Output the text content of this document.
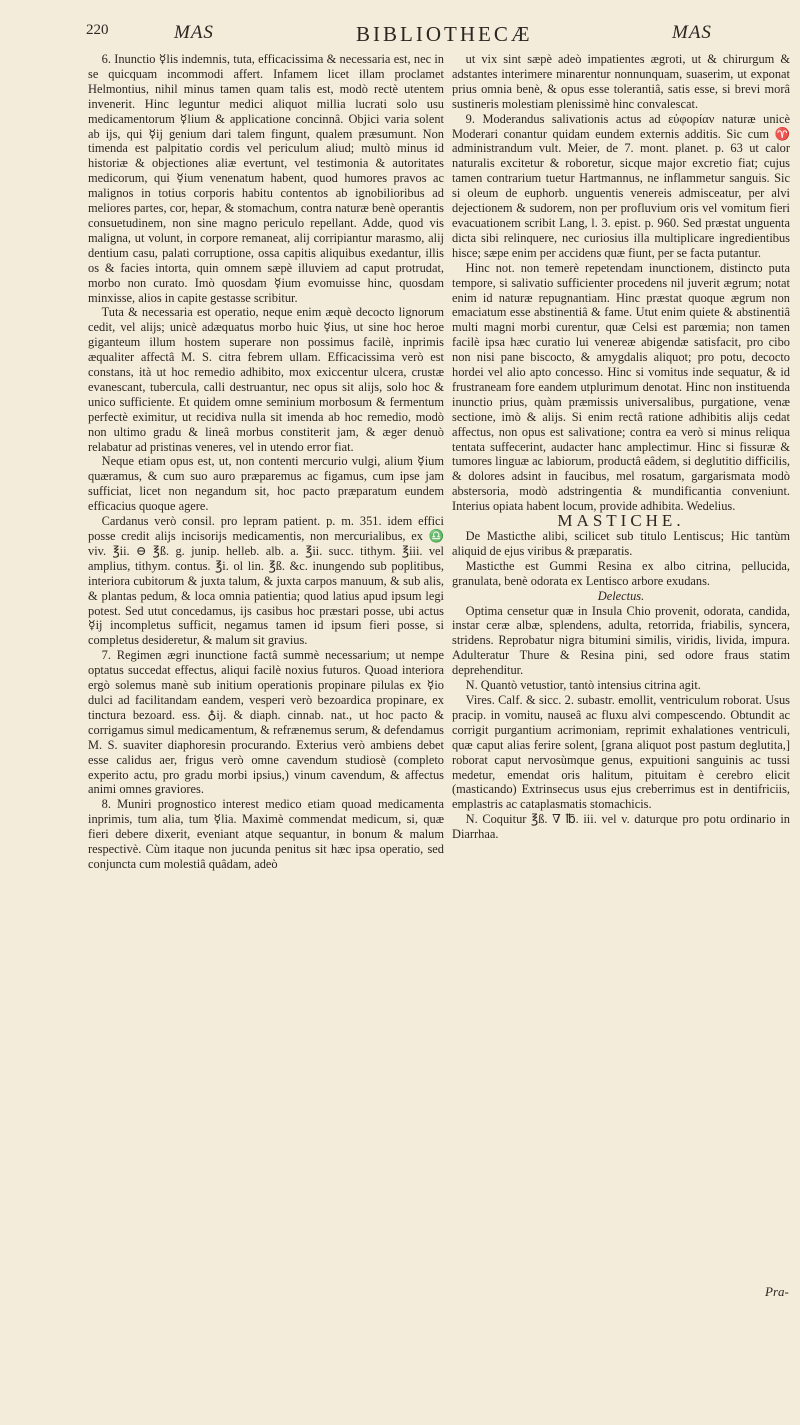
220	MAS	BIBLIOTHECÆ	MAS

6. Inunctio ☿lis indemnis, tuta, efficacissima & necessaria est, nec in se quicquam incommodi affert. Infamem licet illam proclamet Helmontius, nihil minus tamen quam talis est, modò rectè utentem invenerit. Hinc leguntur medici aliquot millia lucrati solo usu medicamentorum ☿lium & applicatione concinnâ. Objici varia solent ab ijs, qui ☿ij genium dari talem fingunt, qualem præsumunt. Non timenda est palpitatio cordis vel periculum aliud; multò minus id historiæ & objectiones aliæ evertunt, vel testimonia & autoritates medicorum, qui ☿ium venenatum habent, quod humores pravos ac malignos in totius corporis habitu contentos ab ignobilioribus ad meliores partes, cor, hepar, & stomachum, contra naturæ benè operantis consuetudinem, non sine magno periculo repellant. Adde, quod vis maligna, ut volunt, in corpore remaneat, alij corripiantur marasmo, alij dentium casu, palati corruptione, ossa capitis aliquibus exedantur, illis os & facies intorta, quin omnem sæpè illuviem ad caput protrudat, morbo non curato. Imò quosdam ☿ium evomuisse hinc, quosdam minxisse, alios in capite gestasse scribitur.

Tuta & necessaria est operatio, neque enim æquè decocto lignorum cedit, vel alijs; unicè adæquatus morbo huic ☿ius, ut sine hoc heroe giganteum illum hostem superare non possimus facilè, inprimis æqualiter affectâ M. S. citra febrem ullam. Efficacissima verò est constans, ità ut hoc remedio adhibito, mox exiccentur ulcera, crustæ evanescant, tubercula, calli destruantur, nec opus sit alijs, solo hoc & unico sufficiente. Et quidem omne seminium morbosum & fermentum perfectè eximitur, ut recidiva nulla sit imenda ab hoc remedio, modò non ultimo gradu & lineâ morbus constiterit jam, & æger denuò relabatur ad pristinas veneres, vel in utendo error fiat.

Neque etiam opus est, ut, non contenti mercurio vulgi, alium ☿ium quæramus, & cum suo auro præparemus ac figamus, cum ipse jam sufficiat, licet non negandum sit, hoc pacto præparatum eundem efficacius quoque agere.

Cardanus verò consil. pro lepram patient. p. m. 351. idem effici posse credit alijs incisorijs medicamentis, non mercurialibus, ex ♎ viv. ℥ii. ⊖ ℥ß. g. junip. helleb. alb. a. ℥ii. succ. tithym. ℥iii. vel amplius, tithym. contus. ℥i. ol lin. ℥ß. &c. inungendo sub poplitibus, interiora cubitorum & juxta talum, & juxta carpos manuum, & sub alis, & plantas pedum, & loca omnia patientia; quod latius apud ipsum legi potest. Sed utut concedamus, ijs casibus hoc præstari posse, ubi actus ☿ij incompletus sufficit, negamus tamen id ipsum fieri posse, si completus desideretur, & malum sit gravius.

7. Regimen ægri inunctione factâ summè necessarium; ut nempe optatus succedat effectus, aliqui facilè noxius futuros. Quoad interiora ergò solemus manè sub initium operationis propinare pilulas ex ☿io dulci ad facilitandam eandem, vesperi verò bezoardica propinare, ex tinctura bezoard. ess. ♁ij. & diaph. cinnab. nat., ut hoc pacto & corrigamus simul medicamentum, & refrænemus serum, & defendamus M. S. suaviter diaphoresin procurando. Exterius verò ambiens debet esse calidus aer, frigus verò omne cavendum studiosè (completo experito actu, pro gradu morbi ipsius,) vinum cavendum, & affectus animi omnes graviores.

8. Muniri prognostico interest medico etiam quoad medicamenta inprimis, tum alia, tum ☿lia. Maximè commendat medicum, si, quæ fieri debere dixerit, eveniant atque sequantur, in bonum & malum respectivè. Cùm itaque non jucunda penitus sit hæc ipsa operatio, sed conjuncta cum molestiâ quâdam, adeò

ut vix sint sæpè adeò impatientes ægroti, ut & chirurgum & adstantes interimere minarentur nonnunquam, suaserim, ut exponat prius omnia benè, & opus esse tolerantiâ, satis esse, si brevi morâ sustineris molestiam plenissimè hinc convalescat.

9. Moderandus salivationis actus ad εὐφορίαν naturæ unicè Moderari conantur quidam eundem externis additis. Sic cum ♈ administrandum vult. Meier, de 7. mont. planet. p. 63 ut calor naturalis excitetur & roboretur, sicque major excretio fiat; cujus tamen contrarium tuetur Hartmannus, ne inflammetur sanguis. Sic si oleum de euphorb. unguentis venereis admisceatur, per alvi dejectionem & sudorem, non per profluvium oris vel vomitum fieri evacuationem scribit Lang, l. 3. epist. p. 960. Sed præstat unguenta dicta sibi relinquere, nec curiosius illa multiplicare ingredientibus hisce; sæpe enim per accidens quæ fiunt, per se facta putantur.

Hinc not. non temerè repetendam inunctionem, distincto puta tempore, si salivatio sufficienter procedens nil juverit ægrum; notat enim id naturæ repugnantiam. Hinc præstat quoque ægrum non emaciatum esse abstinentiâ & fame. Utut enim quiete & abstinentiâ multi magni morbi curentur, quæ Celsi est parœmia; non tamen facilè ipsa hæc curatio lui venereæ abigendæ satisfacit, pro cibo non nisi pane biscocto, & amygdalis aliquot; pro potu, decocto hordei vel alio apto concesso. Hinc si vomitus inde sequatur, & id frustraneam fore eandem utplurimum denotat. Hinc non instituenda inunctio prius, quàm præmissis universalibus, purgatione, venæ sectione, imò & alijs. Si enim rectâ ratione adhibitis alijs cedat affectus, non opus est salivatione; contra ea verò si minus reliqua tentata suffecerint, audacter hanc amplectimur. Hinc si fissuræ & tumores linguæ ac labiorum, productâ eâdem, si deglutitio difficilis, & dolores adsint in faucibus, mel rosatum, gargarismata modò abstersoria, modò adstringentia & mundificantia conveniunt. Interius opiata habent locum, provide adhibita. Wedelius.

MASTICHE.

De Masticthe alibi, scilicet sub titulo Lentiscus; Hic tantùm aliquid de ejus viribus & præparatis.

Masticthe est Gummi Resina ex albo citrina, pellucida, granulata, benè odorata ex Lentisco arbore exudans.

Delectus.

Optima censetur quæ in Insula Chio provenit, odorata, candida, instar ceræ albæ, splendens, adulta, retorrida, friabilis, syncera, stridens. Reprobatur nigra bitumini similis, viridis, livida, impura. Adulteratur Thure & Resina pini, sed odore fraus statim deprehenditur.

N. Quantò vetustior, tantò intensius citrina agit.

Vires. Calf. & sicc. 2. subastr. emollit, ventriculum roborat. Usus pracip. in vomitu, nauseâ ac fluxu alvi compescendo. Obtundit ac corrigit purgantium acrimoniam, reprimit exhalationes ventriculi, quæ caput alias ferire solent, [grana aliquot post pastum deglutita,] roborat caput nervosùmque genus, expuitioni sanguinis ac tussi medetur, emendat oris halitum, pituitam è cerebro elicit (masticando) Extrinsecus usus ejus creberrimus est in dentifriciis, emplastris ac cataplasmatis stomachicis.

N. Coquitur ℥ß. ∇ ℔. iii. vel v. daturque pro potu ordinario in Diarrhaa.

Pra-
